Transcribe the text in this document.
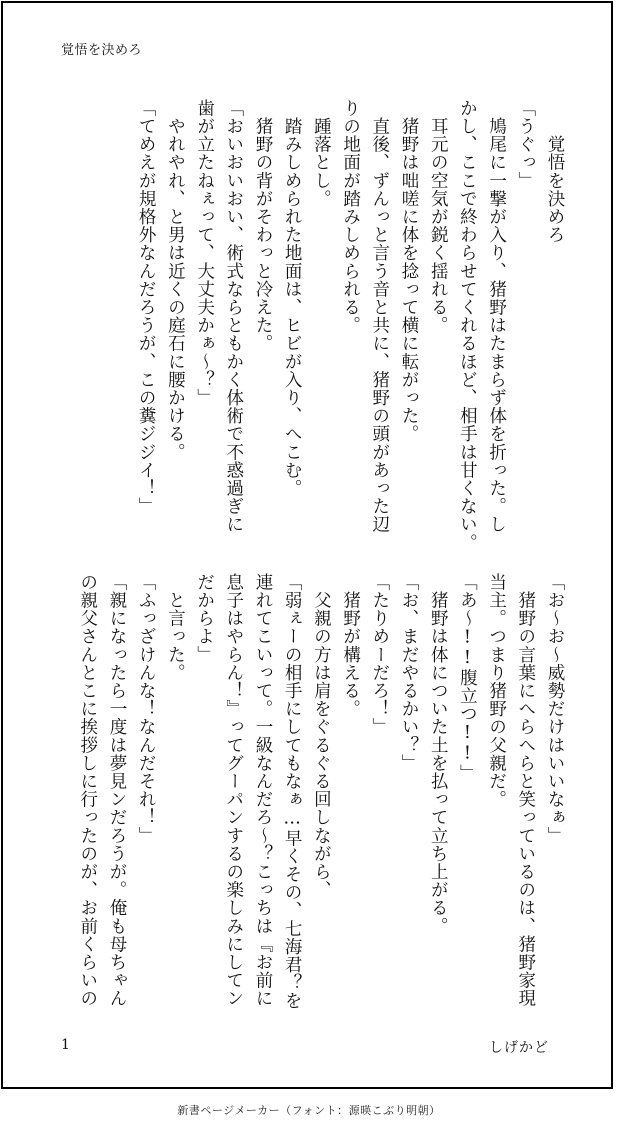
覚悟を決めろ
　　覚悟を決めろ
「うぐっ」
　鳩尾に一撃が入り、猪野はたまらず体を折った。し
かし、ここで終わらせてくれるほど、相手は甘くない。
　耳元の空気が鋭く揺れる。
　猪野は咄嗟に体を捻って横に転がった。
　直後、ずんっと言う音と共に、猪野の頭があった辺
りの地面が踏みしめられる。
　踵落とし。
　踏みしめられた地面は、ヒビが入り、へこむ。
　猪野の背がそわっと冷えた。
「おいおいおい、術式ならともかく体術で不惑過ぎに
歯が立たねぇって、大丈夫かぁ～？」
　やれやれ、と男は近くの庭石に腰かける。
「てめえが規格外なんだろうが、この糞ジジイ！」
「お～お～威勢だけはいいなぁ」
　猪野の言葉にへらへらと笑っているのは、猪野家現
当主。つまり猪野の父親だ。
「あ～!!腹立つ!!」
　猪野は体についた土を払って立ち上がる。
「お、まだやるかい？」
「たりめーだろ！」
　猪野が構える。
　父親の方は肩をぐるぐる回しながら、
「弱ぇーの相手にしてもなぁ…早くその、七海君？を
連れてこいって。一級なんだろ～？こっちは『お前に
息子はやらん！』ってグーパンするの楽しみにしてン
だからよ」
　と言った。
「ふっざけんな！なんだそれ！」
「親になったら一度は夢見ンだろうが。俺も母ちゃん
の親父さんとこに挨拶しに行ったのが、お前くらいの
1	しげかど
新書ページメーカー（フォント：源暎こぶり明朝）
